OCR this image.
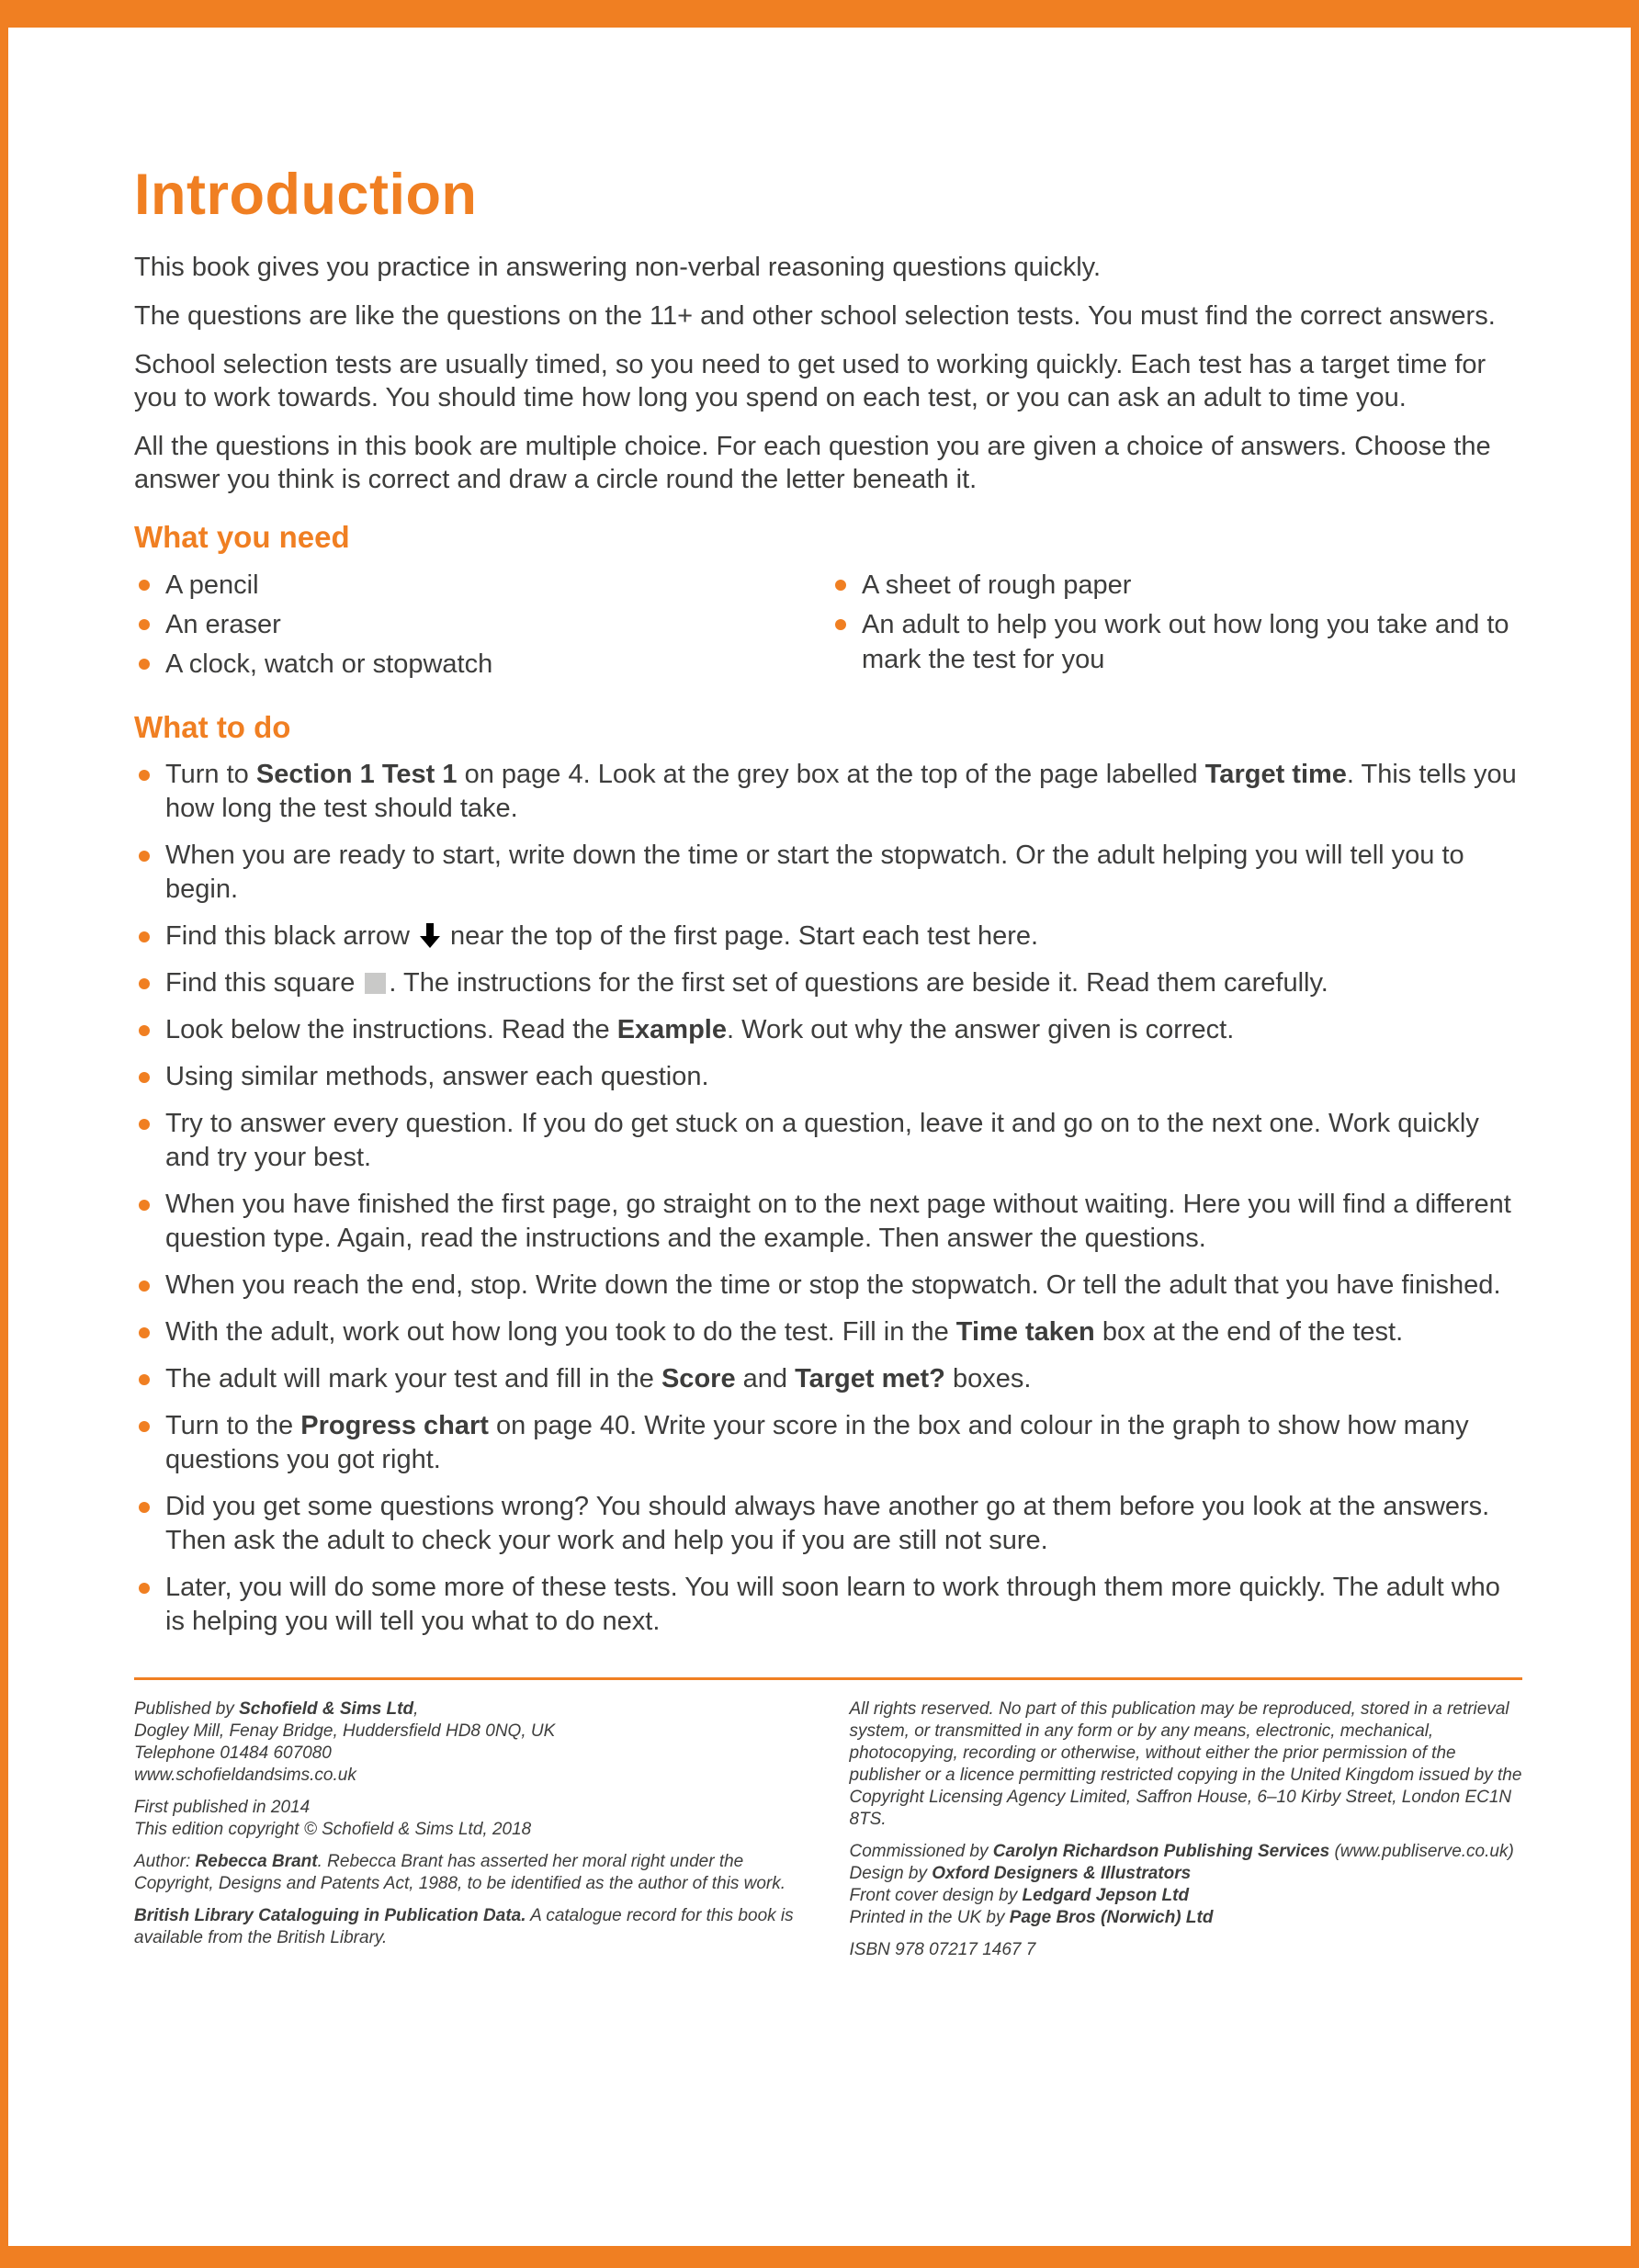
Introduction
This book gives you practice in answering non-verbal reasoning questions quickly.
The questions are like the questions on the 11+ and other school selection tests. You must find the correct answers.
School selection tests are usually timed, so you need to get used to working quickly. Each test has a target time for you to work towards. You should time how long you spend on each test, or you can ask an adult to time you.
All the questions in this book are multiple choice. For each question you are given a choice of answers. Choose the answer you think is correct and draw a circle round the letter beneath it.
What you need
A pencil
An eraser
A clock, watch or stopwatch
A sheet of rough paper
An adult to help you work out how long you take and to mark the test for you
What to do
Turn to Section 1 Test 1 on page 4. Look at the grey box at the top of the page labelled Target time. This tells you how long the test should take.
When you are ready to start, write down the time or start the stopwatch. Or the adult helping you will tell you to begin.
Find this black arrow  near the top of the first page. Start each test here.
Find this square . The instructions for the first set of questions are beside it. Read them carefully.
Look below the instructions. Read the Example. Work out why the answer given is correct.
Using similar methods, answer each question.
Try to answer every question. If you do get stuck on a question, leave it and go on to the next one. Work quickly and try your best.
When you have finished the first page, go straight on to the next page without waiting. Here you will find a different question type. Again, read the instructions and the example. Then answer the questions.
When you reach the end, stop. Write down the time or stop the stopwatch. Or tell the adult that you have finished.
With the adult, work out how long you took to do the test. Fill in the Time taken box at the end of the test.
The adult will mark your test and fill in the Score and Target met? boxes.
Turn to the Progress chart on page 40. Write your score in the box and colour in the graph to show how many questions you got right.
Did you get some questions wrong? You should always have another go at them before you look at the answers. Then ask the adult to check your work and help you if you are still not sure.
Later, you will do some more of these tests. You will soon learn to work through them more quickly. The adult who is helping you will tell you what to do next.
Published by Schofield & Sims Ltd,
Dogley Mill, Fenay Bridge, Huddersfield HD8 0NQ, UK
Telephone 01484 607080
www.schofieldandsims.co.uk
First published in 2014
This edition copyright © Schofield & Sims Ltd, 2018
Author: Rebecca Brant. Rebecca Brant has asserted her moral right under the Copyright, Designs and Patents Act, 1988, to be identified as the author of this work.
British Library Cataloguing in Publication Data. A catalogue record for this book is available from the British Library.
All rights reserved. No part of this publication may be reproduced, stored in a retrieval system, or transmitted in any form or by any means, electronic, mechanical, photocopying, recording or otherwise, without either the prior permission of the publisher or a licence permitting restricted copying in the United Kingdom issued by the Copyright Licensing Agency Limited, Saffron House, 6–10 Kirby Street, London EC1N 8TS.
Commissioned by Carolyn Richardson Publishing Services (www.publiserve.co.uk)
Design by Oxford Designers & Illustrators
Front cover design by Ledgard Jepson Ltd
Printed in the UK by Page Bros (Norwich) Ltd
ISBN 978 07217 1467 7
